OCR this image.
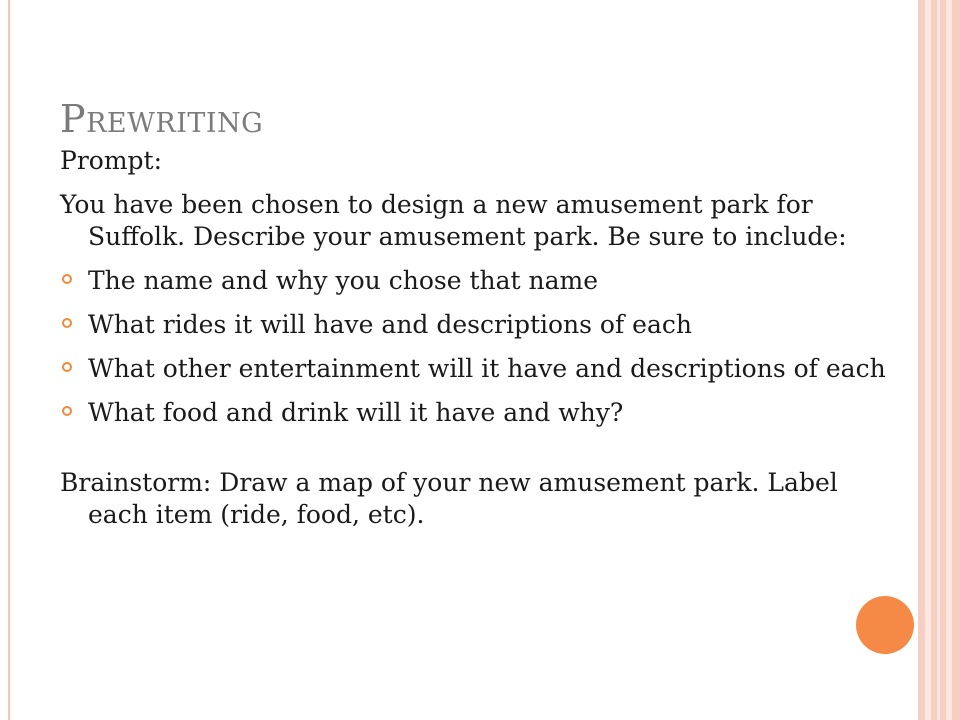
Prewriting

Prompt:

You have been chosen to design a new amusement park for Suffolk. Describe your amusement park. Be sure to include:

The name and why you chose that name
What rides it will have and descriptions of each
What other entertainment will it have and descriptions of each
What food and drink will it have and why?

Brainstorm: Draw a map of your new amusement park. Label each item (ride, food, etc).
